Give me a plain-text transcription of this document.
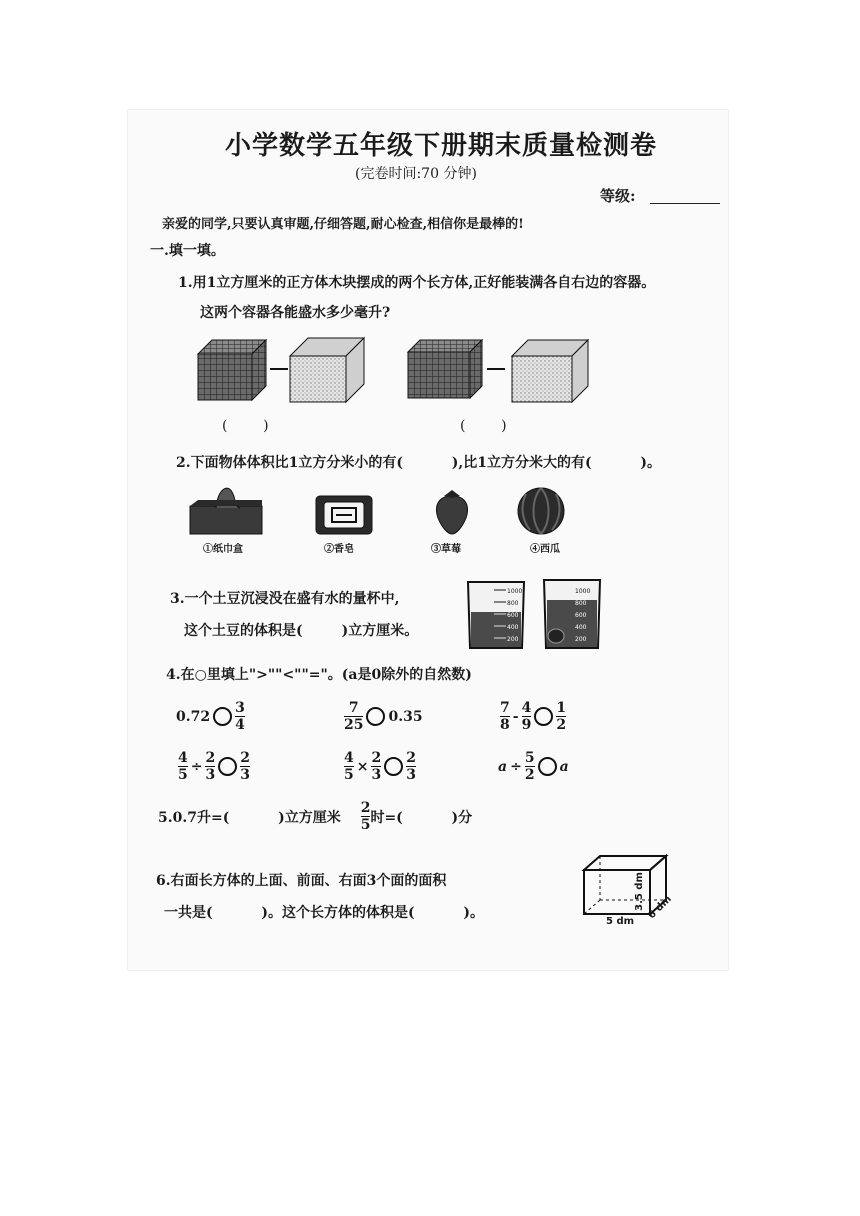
小学数学五年级下册期末质量检测卷
(完卷时间:70 分钟)
等级:
亲爱的同学,只要认真审题,仔细答题,耐心检查,相信你是最棒的!
一.填一填。
1.用1立方厘米的正方体木块摆成的两个长方体,正好能装满各自右边的容器。
这两个容器各能盛水多少毫升?
(        )	(        )
2.下面物体体积比1立方分米小的有(          ),比1立方分米大的有(          )。
①纸巾盒	②香皂	③草莓	④西瓜
3.一个土豆沉浸没在盛有水的量杯中,
这个土豆的体积是(        )立方厘米。
1000
800
600
400
200
1000
800
600
400
200
4.在○里填上">""<""="。(a是0除外的自然数)
$0.72 \frac{3}{4}$	$\frac{7}{25} 0.35$	$\frac{7}{8} - \frac{4}{9} \frac{1}{2}$
$\frac{4}{5} \div \frac{2}{3} \frac{2}{3}$	$\frac{4}{5} \times \frac{2}{3} \frac{2}{3}$	$a \div \frac{5}{2}$ a
5.0.7升=(          )立方厘米 $\frac{2}{5}$ 时=(          )分
6.右面长方体的上面、前面、右面3个面的面积
一共是(          )。这个长方体的体积是(          )。
5 dm
3.5 dm 6 dm
